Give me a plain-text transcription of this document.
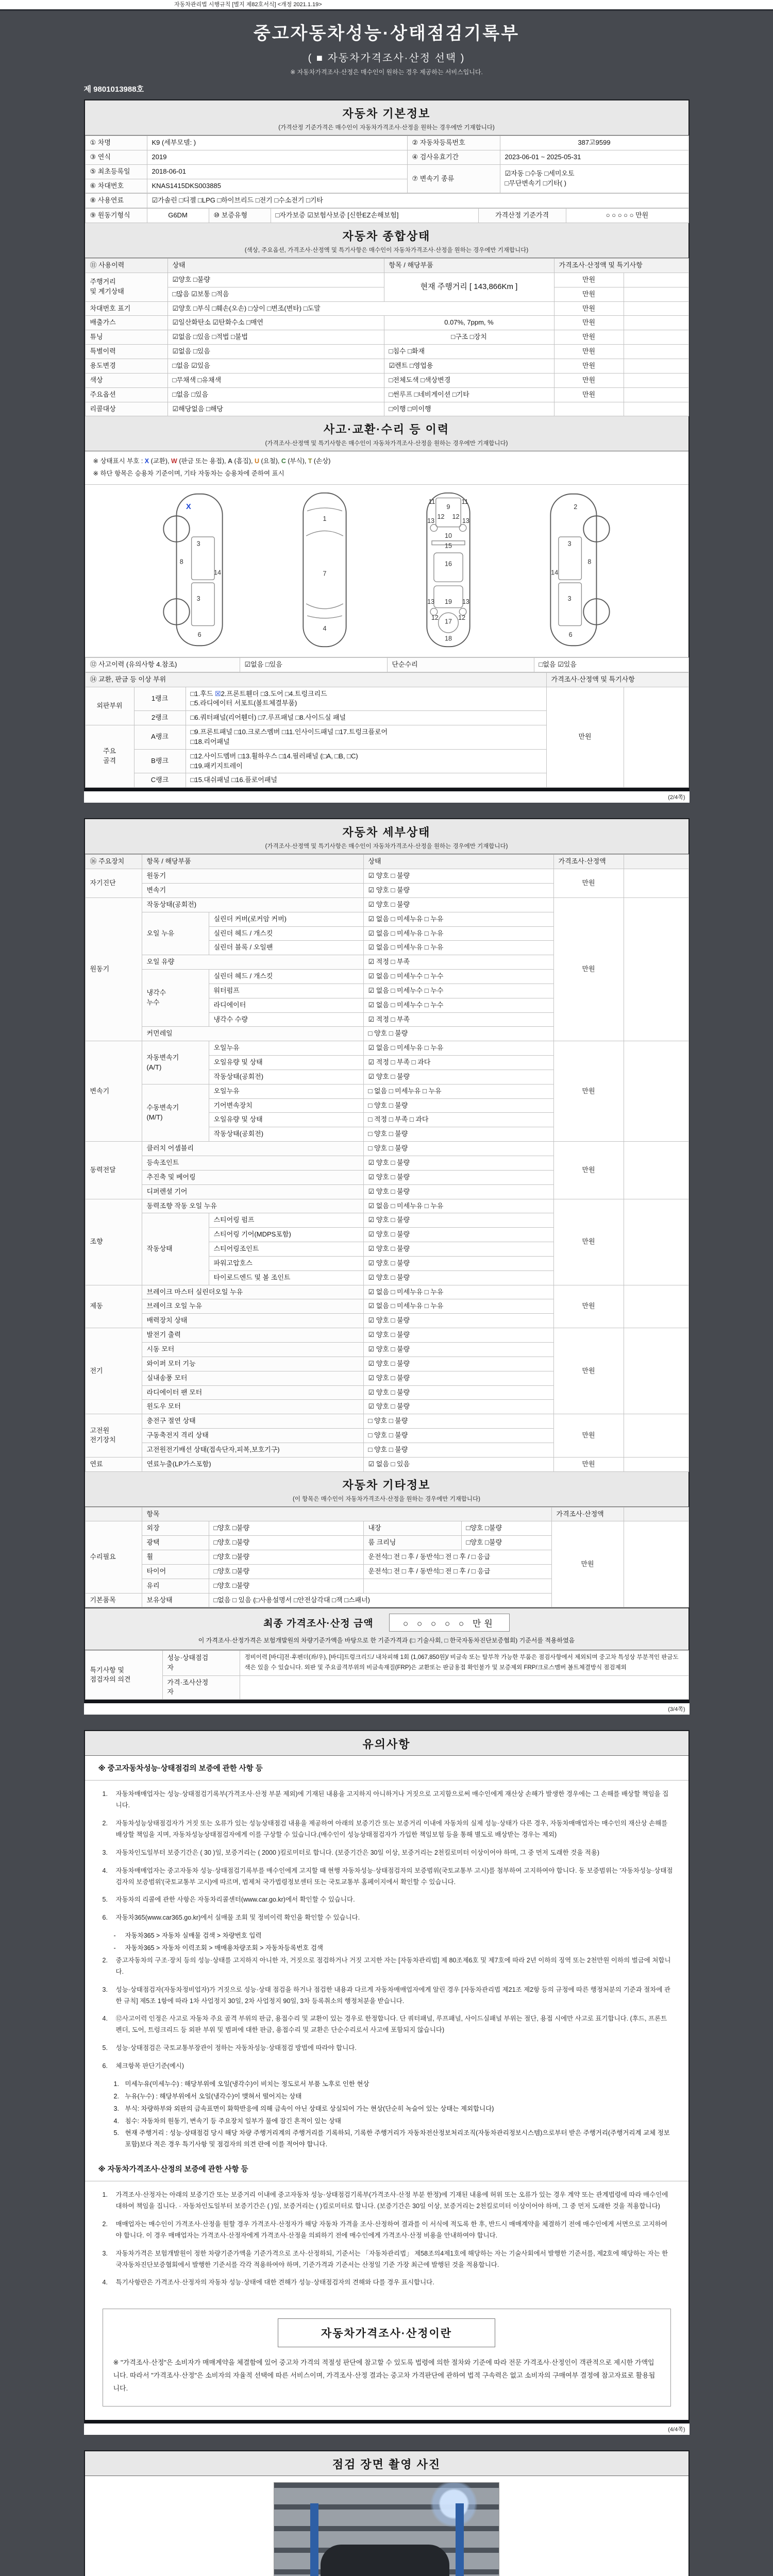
자동차관리법 시행규칙 [별지 제82호서식] <개정 2021.1.19>
중고자동차성능·상태점검기록부
( ■ 자동차가격조사·산정 선택 )
※ 자동차가격조사·산정은 매수인이 원하는 경우 제공하는 서비스입니다.
제 9801013988호
자동차 기본정보
(가격산정 기준가격은 매수인이 자동차가격조사·산정을 원하는 경우에만 기재합니다)
① 차명	K9 (세부모델: )	② 자동차등록번호	387고9599
③ 연식	2019	④ 검사유효기간	2023-06-01 ~ 2025-05-31
⑤ 최초등록일	2018-06-01	⑦ 변속기 종류	☑자동 □수동 □세미오토
□무단변속기 □기타( )
⑥ 차대번호	KNAS1415DKS003885		
⑧ 사용연료	☑가솔린 □디젤 □LPG □하이브리드 □전기 □수소전기 □기타
⑨ 원동기형식	G6DM	⑩ 보증유형	□자가보증 ☑보험사보증 [신한EZ손해보험]	가격산정 기준가격	○ ○ ○ ○ ○ 만원
자동차 종합상태
(색상, 주요옵션, 가격조사·산정액 및 특기사항은 매수인이 자동차가격조사·산정을 원하는 경우에만 기재합니다)
⑪ 사용이력	상태	항목 / 해당부품	가격조사·산정액 및 특기사항	
주행거리
및 계기상태	☑양호 □불량	현재 주행거리 [ 143,866Km ]	만원	
	□많음 ☑보통 □적음		만원	
차대번호 표기	☑양호 □부식 □훼손(오손) □상이 □변조(변타) □도말		만원	
배출가스	☑일산화탄소 ☑탄화수소 □매연	0.07%, 7ppm, %	만원	
튜닝	☑없음 □있음 □적법 □불법	□구조 □장치	만원	
특별이력	☑없음 □있음	□침수 □화재	만원	
용도변경	□없음 ☑있음	☑렌트 □영업용	만원	
색상	□무채색 □유채색	□전체도색 □색상변경	만원	
주요옵션	□없음 □있음	□썬루프 □네비게이션 □기타	만원	
리콜대상	☑해당없음 □해당	□이행 □미이행		
사고·교환·수리 등 이력
(가격조사·산정액 및 특기사항은 매수인이 자동차가격조사·산정을 원하는 경우에만 기재합니다)
※ 상태표시 부호 : X (교환), W (판금 또는 용접), A (흠집), U (요철), C (부식), T (손상)
※ 하단 항목은 승용차 기준이며, 기타 자동차는 승용차에 준하여 표시
8
3
14
3
6
X
1
7
4
11
9
11
13
12 12
13
10
15
16
13 19 13
12
17
12
18
2
3
8
14
3
6
⑫ 사고이력 (유의사항 4.참조)	☑없음 □있음	단순수리	□없음 ☑있음
⑭ 교환, 판금 등 이상 부위			가격조사·산정액 및 특기사항	
외판부위	1랭크	□1.후드 ☒2.프론트휀더 □3.도어 □4.트렁크리드
□5.라디에이터 서포트(볼트체결부품)	만원	
	2랭크	□6.쿼터패널(리어휀더) □7.루프패널 □8.사이드실 패널		
주요
골격	A랭크	□9.프론트패널 □10.크로스멤버 □11.인사이드패널 □17.트렁크플로어
□18.리어패널		
	B랭크	□12.사이드멤버 □13.휠하우스 □14.필러패널 (□A, □B, □C)
□19.패키지트레이		
	C랭크	□15.대쉬패널 □16.플로어패널		
(2/4쪽)
자동차 세부상태
(가격조사·산정액 및 특기사항은 매수인이 자동차가격조사·산정을 원하는 경우에만 기재합니다)
⑯ 주요장치	항목 / 해당부품		상태	가격조사·산정액	
자기진단	원동기		☑ 양호 □ 불량	만원	
	변속기		☑ 양호 □ 불량		
원동기	작동상태(공회전)		☑ 양호 □ 불량	만원	
	오일 누유	실린더 커버(로커암 커버)	☑ 없음 □ 미세누유 □ 누유		
		실린더 헤드 / 개스킷	☑ 없음 □ 미세누유 □ 누유		
		실린더 블록 / 오일팬	☑ 없음 □ 미세누유 □ 누유		
	오일 유량		☑ 적정 □ 부족		
	냉각수
누수	실린더 헤드 / 개스킷	☑ 없음 □ 미세누수 □ 누수		
		워터펌프	☑ 없음 □ 미세누수 □ 누수		
		라디에이터	☑ 없음 □ 미세누수 □ 누수		
		냉각수 수량	☑ 적정 □ 부족		
	커먼레일		□ 양호 □ 불량		
변속기	자동변속기
(A/T)	오일누유	☑ 없음 □ 미세누유 □ 누유	만원	
		오일유량 및 상태	☑ 적정 □ 부족 □ 과다		
		작동상태(공회전)	☑ 양호 □ 불량		
	수동변속기
(M/T)	오일누유	□ 없음 □ 미세누유 □ 누유		
		기어변속장치	□ 양호 □ 불량		
		오일유량 및 상태	□ 적정 □ 부족 □ 과다		
		작동상태(공회전)	□ 양호 □ 불량		
동력전달	클러치 어셈블리		□ 양호 □ 불량	만원	
	등속조인트		☑ 양호 □ 불량		
	추진축 및 베어링		☑ 양호 □ 불량		
	디퍼렌셜 기어		☑ 양호 □ 불량		
조향	동력조향 작동 오일 누유		☑ 없음 □ 미세누유 □ 누유	만원	
	작동상태	스티어링 펌프	☑ 양호 □ 불량		
		스티어링 기어(MDPS포함)	☑ 양호 □ 불량		
		스티어링조인트	☑ 양호 □ 불량		
		파워고압호스	☑ 양호 □ 불량		
		타이로드엔드 및 볼 조인트	☑ 양호 □ 불량		
제동	브레이크 마스터 실린더오일 누유		☑ 없음 □ 미세누유 □ 누유	만원	
	브레이크 오일 누유		☑ 없음 □ 미세누유 □ 누유		
	배력장치 상태		☑ 양호 □ 불량		
전기	발전기 출력		☑ 양호 □ 불량	만원	
	시동 모터		☑ 양호 □ 불량		
	와이퍼 모터 기능		☑ 양호 □ 불량		
	실내송풍 모터		☑ 양호 □ 불량		
	라디에이터 팬 모터		☑ 양호 □ 불량		
	윈도우 모터		☑ 양호 □ 불량		
고전원
전기장치	충전구 절연 상태		□ 양호 □ 불량	만원	
	구동축전지 격리 상태		□ 양호 □ 불량		
	고전원전기배선 상태(접속단자,피복,보호기구)		□ 양호 □ 불량		
연료	연료누출(LP가스포함)		☑ 없음 □ 있음	만원	
자동차 기타정보
(이 항목은 매수인이 자동차가격조사·산정을 원하는 경우에만 기재합니다)
	항목				가격조사·산정액	
수리필요	외장	□양호 □불량	내장	□양호 □불량	만원	
	광택	□양호 □불량	룸 크리닝	□양호 □불량		
	휠	□양호 □불량	운전석□ 전 □ 후 / 동반석□ 전 □ 후 / □ 응급			
	타이어	□양호 □불량	운전석□ 전 □ 후 / 동반석□ 전 □ 후 / □ 응급			
	유리	□양호 □불량				
기본품목	보유상태	□없음 □ 있음 (□사용설명서 □안전삼각대 □잭 □스패너)				
최종 가격조사·산정 금액	○ ○ ○ ○ ○ 만원
이 가격조사·산정가격은 보험개발원의 차량기준가액을 바탕으로 한 기준가격과 (□ 기술사회, □ 한국자동차진단보증협회) 기준서를 적용하였음
특기사항 및
점검자의 의견	성능·상태점검
자	정비이력 [바디]전·후펜더(좌/우), [바디]트렁크리드/ 내차피해 1회 (1,067,850원)/ 비금속 또는 탈부착 가능한 부품은 점검사항에서 제외되며 중고차 특성상 부분적인 판금도색은 있을 수 있습니다. 외판 및 주요골격부위의 비금속재질(FRP)은 교환또는 판금용접 확인불가 및 보증제외 FRP/크로스멤버 볼트체결방식 점검제외
	가격·조사산정
자	
(3/4쪽)
유의사항
※ 중고자동차성능·상태점검의 보증에 관한 사항 등
1.	자동차매매업자는 성능·상태점검기록부(가격조사·산정 부분 제외)에 기재된 내용을 고지하지 아니하거나 거짓으로 고지함으로써 매수인에게 재산상 손해가 발생한 경우에는 그 손해를 배상할 책임을 집니다.
2.	자동차성능상태점검자가 거짓 또는 오류가 있는 성능상태점검 내용을 제공하여 아래의 보증기간 또는 보증거리 이내에 자동차의 실제 성능·상태가 다른 경우, 자동차매매업자는 매수인의 재산상 손해를 배상할 책임을 지며, 자동차성능상태점검자에게 이를 구상할 수 있습니다.(매수인이 성능상태점검자가 가입한 책임보험 등을 통해 별도로 배상받는 경우는 제외)
3.	자동차인도일부터 보증기간은 ( 30 )일, 보증거리는 ( 2000 )킬로미터로 합니다. (보증기간은 30일 이상, 보증거리는 2천킬로미터 이상이어야 하며, 그 중 먼저 도래한 것을 적용)
4.	자동차매매업자는 중고자동차 성능·상태점검기록부를 매수인에게 고지할 때 현행 자동차성능·상태점검자의 보증범위(국토교통부 고시)를 첨부하여 고지하여야 합니다. 동 보증범위는 '자동차성능·상태점검자의 보증범위'(국토교통부 고시)에 따르며, 법제처 국가법령정보센터 또는 국토교통부 홈페이지에서 확인할 수 있습니다.
5.	자동차의 리콜에 관한 사항은 자동차리콜센터(www.car.go.kr)에서 확인할 수 있습니다.
6.	자동차365(www.car365.go.kr)에서 실매물 조회 및 정비이력 확인을 확인할 수 있습니다.
-	자동차365 > 자동차 실매물 검색 > 차량번호 입력
-	자동차365 > 자동차 이력조회 > 매매용차량조회 > 자동차등록번호 검색
2.	중고자동차의 구조·장치 등의 성능·상태를 고지하지 아니한 자, 거짓으로 점검하거나 거짓 고지한 자는 [자동차관리법] 제 80조제6호 및 제7호에 따라 2년 이하의 징역 또는 2천만원 이하의 벌금에 처합니다.
3.	성능·상태점검자(자동차정비업자)가 거짓으로 성능·상태 점검을 하거나 점검한 내용과 다르게 자동차매매업자에게 알린 경우 [자동차관리법 제21조 제2항 등의 규정에 따른 행정처분의 기준과 절차에 관한 규칙] 제5조 1항에 따라 1차 사업정지 30일, 2차 사업정지 90일, 3차 등록취소의 행정처분을 받습니다.
4.	⑫사고이력 인정은 사고로 자동차 주요 골격 부위의 판금, 용접수리 및 교환이 있는 경우로 한정합니다. 단 쿼터패널, 루프패널, 사이드실패널 부위는 절단, 용접 시에만 사고로 표기합니다. (후드, 프론트펜더, 도어, 트렁크리드 등 외판 부위 및 범퍼에 대한 판금, 용접수리 및 교환은 단순수리로서 사고에 포함되지 않습니다)
5.	성능·상태점검은 국토교통부장관이 정하는 자동차성능·상태점검 방법에 따라야 합니다.
6.	체크항목 판단기준(예시)
1. 미세누유(미세누수) : 해당부위에 오일(냉각수)이 비치는 정도로서 부품 노후로 인한 현상
2. 누유(누수) : 해당부위에서 오일(냉각수)이 맺혀서 떨어지는 상태
3. 부식: 차량하부와 외판의 금속표면이 화학반응에 의해 금속이 아닌 상태로 상실되어 가는 현상(단순히 녹슬어 있는 상태는 제외합니다)
4. 침수: 자동차의 원동기, 변속기 등 주요장치 일부가 물에 잠긴 흔적이 있는 상태
5. 현재 주행거리 : 성능·상태점검 당시 해당 차량 주행거리계의 주행거리를 기록하되, 기록한 주행거리가 자동차전산정보처리조직(자동차관리정보시스템)으로부터 받은 주행거리(주행거리계 교체 정보 포함)보다 적은 경우 특기사항 및 점검자의 의견 란에 이를 적어야 합니다.
※ 자동차가격조사·산정의 보증에 관한 사항 등
1.	가격조사·산정자는 아래의 보증기간 또는 보증거리 이내에 중고자동차 성능·상태점검기록부(가격조사·산정 부분 한정)에 기재된 내용에 허위 또는 오류가 있는 경우 계약 또는 관계법령에 따라 매수인에 대하여 책임을 집니다. · 자동차인도일부터 보증기간은 ( )일, 보증거리는 ( )킬로미터로 합니다. (보증기간은 30일 이상, 보증거리는 2천킬로미터 이상이어야 하며, 그 중 먼저 도래한 것을 적용합니다)
2.	매매업자는 매수인이 가격조사·산정을 원할 경우 가격조사·산정자가 해당 자동차 가격을 조사·산정하여 결과를 이 서식에 적도록 한 후, 반드시 매매계약을 체결하기 전에 매수인에게 서면으로 고지하여야 합니다. 이 경우 매매업자는 가격조사·산정자에게 가격조사·산정을 의뢰하기 전에 매수인에게 가격조사·산정 비용을 안내하여야 합니다.
3.	자동차가격은 보험개발원이 정한 차량기준가액을 기준가격으로 조사·산정하되, 기준서는 「자동차관리법」 제58조의4제1호에 해당하는 자는 기술사회에서 발행한 기준서를, 제2호에 해당하는 자는 한국자동차진단보증협회에서 발행한 기준서를 각각 적용하여야 하며, 기준가격과 기준서는 산정일 기준 가장 최근에 발행된 것을 적용합니다.
4.	특기사항란은 가격조사·산정자의 자동차 성능·상태에 대한 견해가 성능·상태점검자의 견해와 다를 경우 표시합니다.
자동차가격조사·산정이란

※ "가격조사·산정"은 소비자가 매매계약을 체결함에 있어 중고차 가격의 적절성 판단에 참고할 수 있도록 법령에 의한 절차와 기준에 따라 전문 가격조사·산정인이 객관적으로 제시한 가액입니다. 따라서 "가격조사·산정"은 소비자의 자율적 선택에 따른 서비스이며, 가격조사·산정 결과는 중고차 가격판단에 관하여 법적 구속력은 없고 소비자의 구매여부 결정에 참고자료로 활용됩니다.

(4/4쪽)
점검 장면 촬영 사진
